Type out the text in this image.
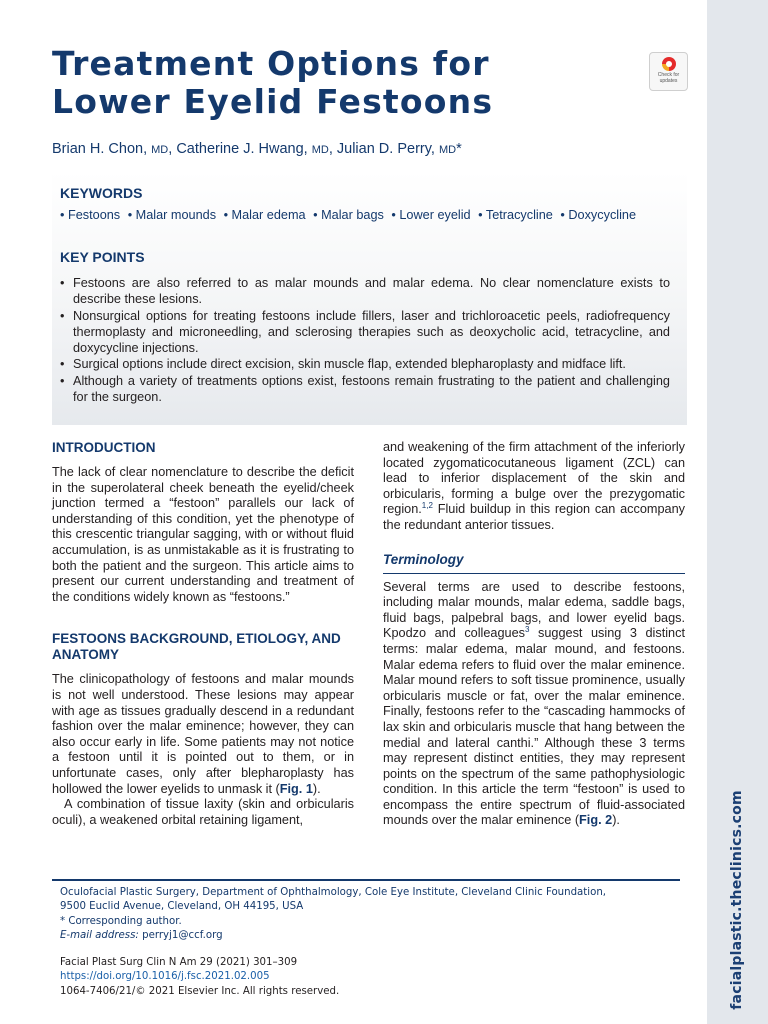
facialplastic.theclinics.com
Treatment Options for
Lower Eyelid Festoons
Check for
updates
Brian H. Chon, MD, Catherine J. Hwang, MD, Julian D. Perry, MD*
KEYWORDS
• Festoons • Malar mounds • Malar edema • Malar bags • Lower eyelid • Tetracycline • Doxycycline
KEY POINTS
• Festoons are also referred to as malar mounds and malar edema. No clear nomenclature exists to describe these lesions.
• Nonsurgical options for treating festoons include fillers, laser and trichloroacetic peels, radiofrequency thermoplasty and microneedling, and sclerosing therapies such as deoxycholic acid, tetracycline, and doxycycline injections.
• Surgical options include direct excision, skin muscle flap, extended blepharoplasty and midface lift.
• Although a variety of treatments options exist, festoons remain frustrating to the patient and challenging for the surgeon.
INTRODUCTION

The lack of clear nomenclature to describe the deficit in the superolateral cheek beneath the eyelid/cheek junction termed a “festoon” parallels our lack of understanding of this condition, yet the phenotype of this crescentic triangular sagging, with or without fluid accumulation, is as unmistakable as it is frustrating to both the patient and the surgeon. This article aims to present our current understanding and treatment of the conditions widely known as “festoons.”

FESTOONS BACKGROUND, ETIOLOGY, AND ANATOMY

The clinicopathology of festoons and malar mounds is not well understood. These lesions may appear with age as tissues gradually descend in a redundant fashion over the malar eminence; however, they can also occur early in life. Some patients may not notice a festoon until it is pointed out to them, or in unfortunate cases, only after blepharoplasty has hollowed the lower eyelids to unmask it (Fig. 1).

A combination of tissue laxity (skin and orbicularis oculi), a weakened orbital retaining ligament,

and weakening of the firm attachment of the inferiorly located zygomaticocutaneous ligament (ZCL) can lead to inferior displacement of the skin and orbicularis, forming a bulge over the prezygomatic region.$^{1,2}$ Fluid buildup in this region can accompany the redundant anterior tissues.

Terminology

Several terms are used to describe festoons, including malar mounds, malar edema, saddle bags, fluid bags, palpebral bags, and lower eyelid bags. Kpodzo and colleagues$^3$ suggest using 3 distinct terms: malar edema, malar mound, and festoons. Malar edema refers to fluid over the malar eminence. Malar mound refers to soft tissue prominence, usually orbicularis muscle or fat, over the malar eminence. Finally, festoons refer to the “cascading hammocks of lax skin and orbicularis muscle that hang between the medial and lateral canthi.” Although these 3 terms may represent distinct entities, they may represent points on the spectrum of the same pathophysiologic condition. In this article the term “festoon” is used to encompass the entire spectrum of fluid-associated mounds over the malar eminence (Fig. 2).

Oculofacial Plastic Surgery, Department of Ophthalmology, Cole Eye Institute, Cleveland Clinic Foundation,
9500 Euclid Avenue, Cleveland, OH 44195, USA
* Corresponding author.
E-mail address: perryj1@ccf.org
Facial Plast Surg Clin N Am 29 (2021) 301–309
https://doi.org/10.1016/j.fsc.2021.02.005
1064-7406/21/© 2021 Elsevier Inc. All rights reserved.
